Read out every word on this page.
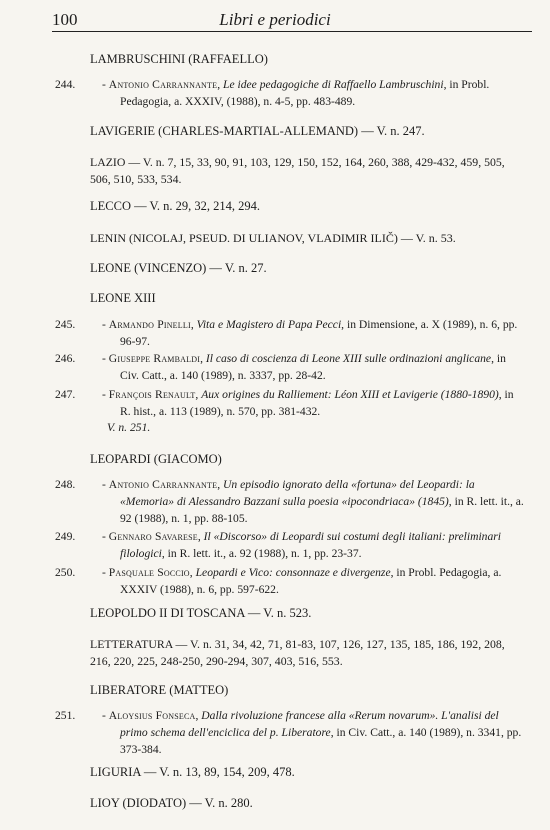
100	Libri e periodici
LAMBRUSCHINI (RAFFAELLO)
244.	- Antonio Carrannante, Le idee pedagogiche di Raffaello Lambruschini, in Probl. Pedagogia, a. XXXIV, (1988), n. 4-5, pp. 483-489.
LAVIGERIE (CHARLES-MARTIAL-ALLEMAND) — V. n. 247.
LAZIO — V. n. 7, 15, 33, 90, 91, 103, 129, 150, 152, 164, 260, 388, 429-432, 459, 505, 506, 510, 533, 534.
LECCO — V. n. 29, 32, 214, 294.
LENIN (NICOLAJ, PSEUD. DI ULIANOV, VLADIMIR ILIČ) — V. n. 53.
LEONE (VINCENZO) — V. n. 27.
LEONE XIII
245.	- Armando Pinelli, Vita e Magistero di Papa Pecci, in Dimensione, a. X (1989), n. 6, pp. 96-97.
246.	- Giuseppe Rambaldi, Il caso di coscienza di Leone XIII sulle ordinazioni anglicane, in Civ. Catt., a. 140 (1989), n. 3337, pp. 28-42.
247.	- François Renault, Aux origines du Ralliement: Léon XIII et Lavigerie (1880-1890), in R. hist., a. 113 (1989), n. 570, pp. 381-432.
V. n. 251.
LEOPARDI (GIACOMO)
248.	- Antonio Carrannante, Un episodio ignorato della «fortuna» del Leopardi: la «Memoria» di Alessandro Bazzani sulla poesia «ipocondriaca» (1845), in R. lett. it., a. 92 (1988), n. 1, pp. 88-105.
249.	- Gennaro Savarese, Il «Discorso» di Leopardi sui costumi degli italiani: preliminari filologici, in R. lett. it., a. 92 (1988), n. 1, pp. 23-37.
250.	- Pasquale Soccio, Leopardi e Vico: consonnaze e divergenze, in Probl. Pedagogia, a. XXXIV (1988), n. 6, pp. 597-622.
LEOPOLDO II DI TOSCANA — V. n. 523.
LETTERATURA — V. n. 31, 34, 42, 71, 81-83, 107, 126, 127, 135, 185, 186, 192, 208, 216, 220, 225, 248-250, 290-294, 307, 403, 516, 553.
LIBERATORE (MATTEO)
251.	- Aloysius Fonseca, Dalla rivoluzione francese alla «Rerum novarum». L'analisi del primo schema dell'enciclica del p. Liberatore, in Civ. Catt., a. 140 (1989), n. 3341, pp. 373-384.
LIGURIA — V. n. 13, 89, 154, 209, 478.
LIOY (DIODATO) — V. n. 280.
